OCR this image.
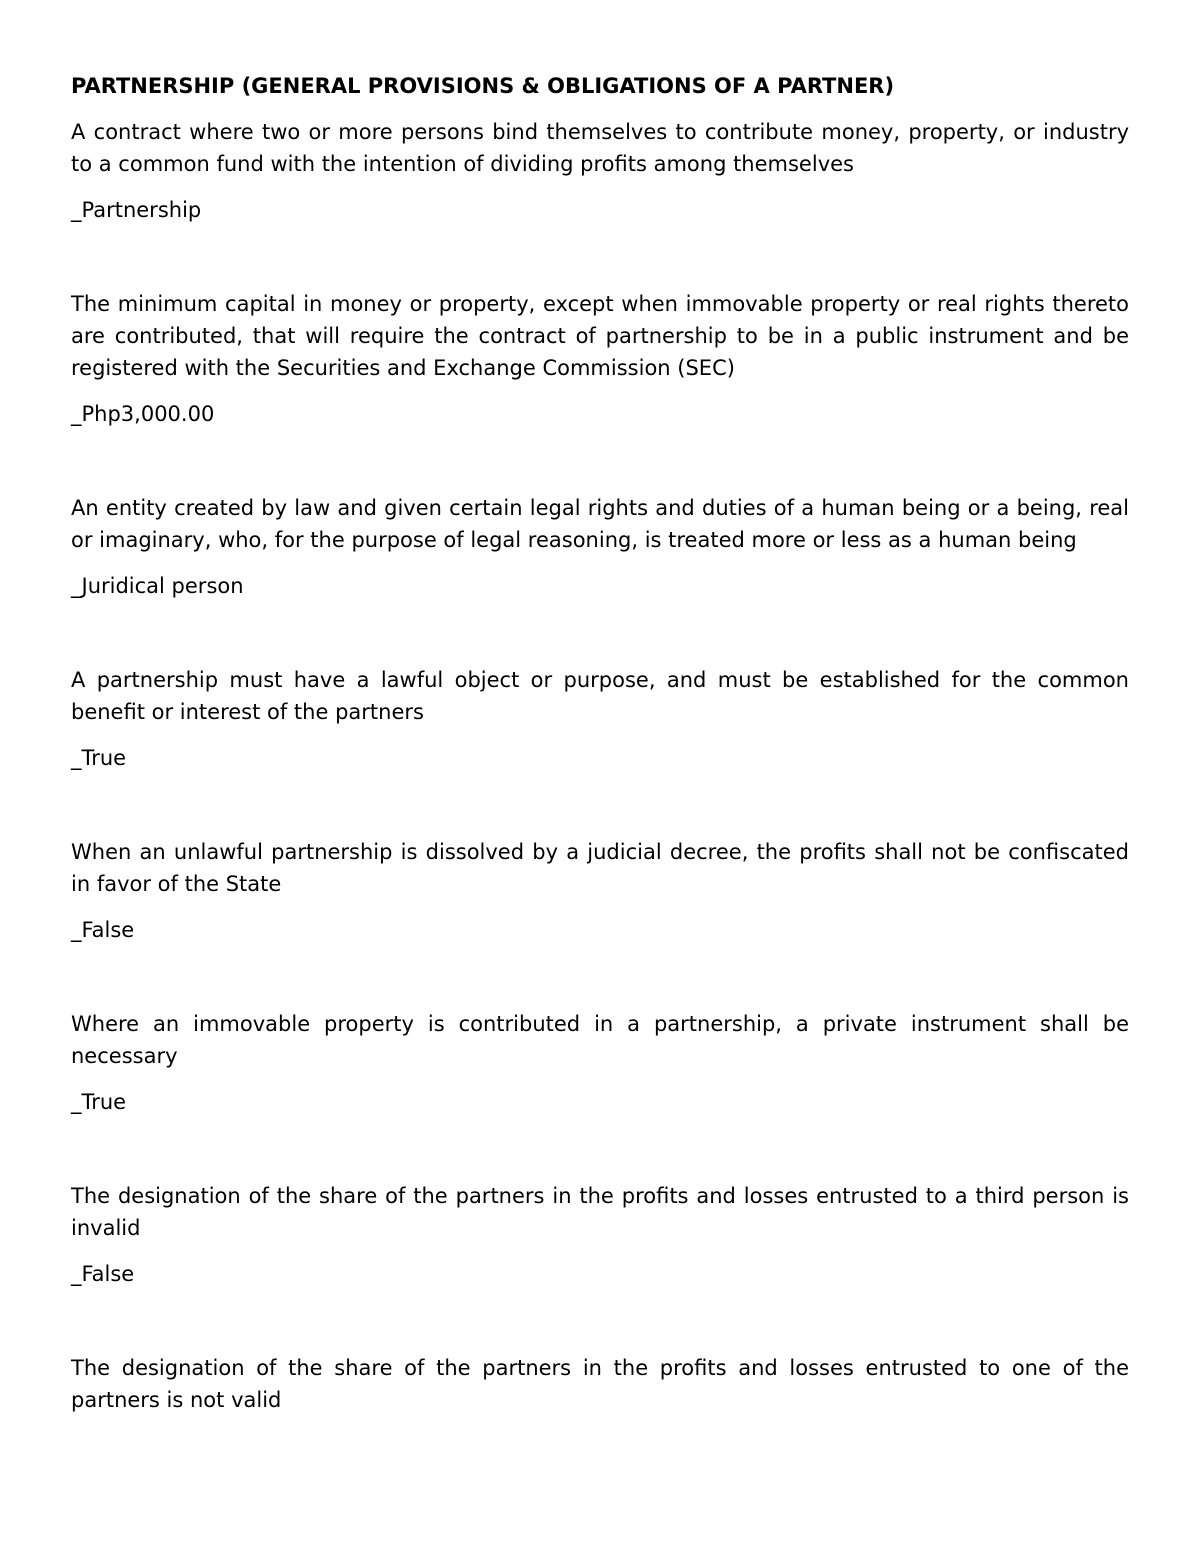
PARTNERSHIP (GENERAL PROVISIONS & OBLIGATIONS OF A PARTNER)
A contract where two or more persons bind themselves to contribute money, property, or industry to a common fund with the intention of dividing profits among themselves
_Partnership
The minimum capital in money or property, except when immovable property or real rights thereto are contributed, that will require the contract of partnership to be in a public instrument and be registered with the Securities and Exchange Commission (SEC)
_Php3,000.00
An entity created by law and given certain legal rights and duties of a human being or a being, real or imaginary, who, for the purpose of legal reasoning, is treated more or less as a human being
_Juridical person
A partnership must have a lawful object or purpose, and must be established for the common benefit or interest of the partners
_True
When an unlawful partnership is dissolved by a judicial decree, the profits shall not be confiscated in favor of the State
_False
Where an immovable property is contributed in a partnership, a private instrument shall be necessary
_True
The designation of the share of the partners in the profits and losses entrusted to a third person is invalid
_False
The designation of the share of the partners in the profits and losses entrusted to one of the partners is not valid
